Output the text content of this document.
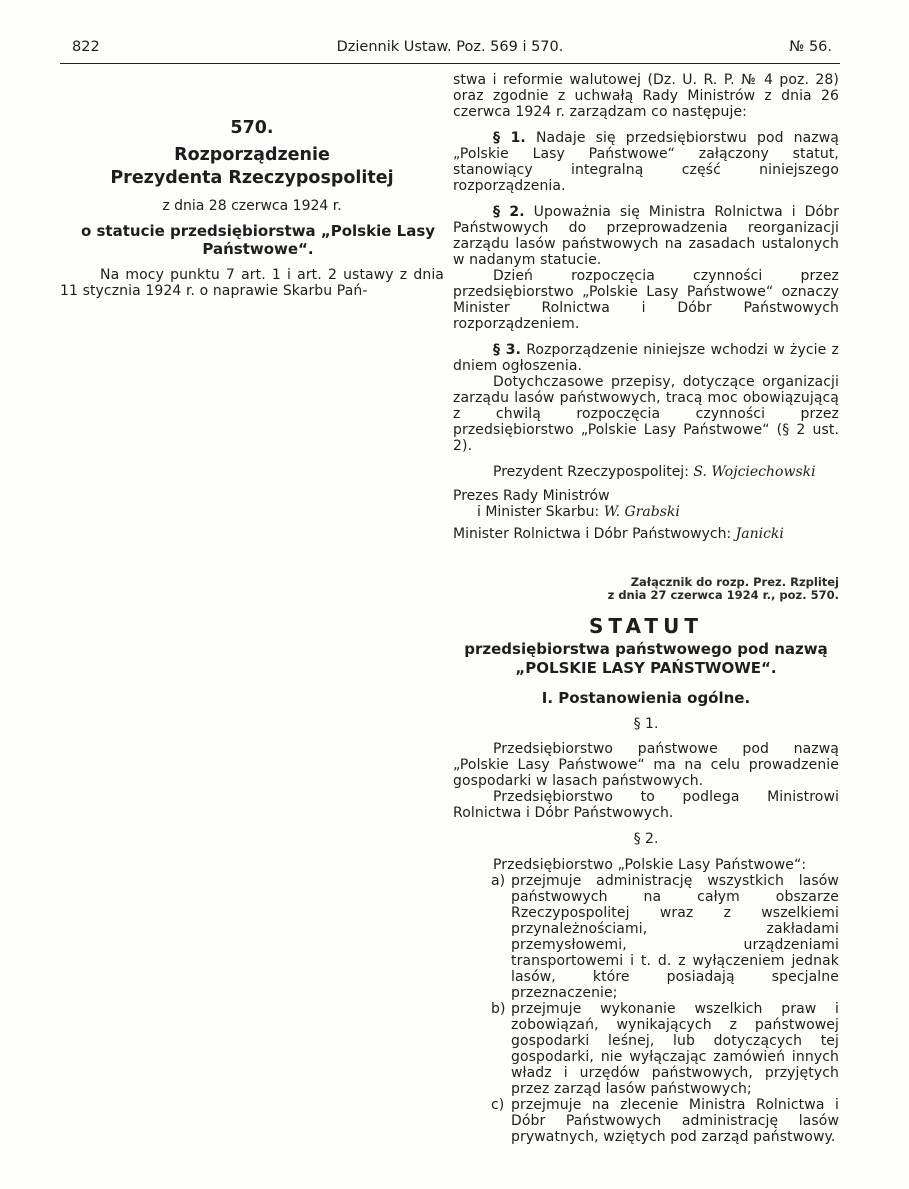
822	Dziennik Ustaw. Poz. 569 i 570.	№ 56.

570.

Rozporządzenie
Prezydenta Rzeczypospolitej

z dnia 28 czerwca 1924 r.

o statucie przedsiębiorstwa „Polskie Lasy Państwowe“.

Na mocy punktu 7 art. 1 i art. 2 ustawy z dnia 11 stycznia 1924 r. o naprawie Skarbu Pań-

stwa i reformie walutowej (Dz. U. R. P. № 4 poz. 28) oraz zgodnie z uchwałą Rady Ministrów z dnia 26 czerwca 1924 r. zarządzam co następuje:

§ 1. Nadaje się przedsiębiorstwu pod nazwą „Polskie Lasy Państwowe“ załączony statut, stanowiący integralną część niniejszego rozporządzenia.

§ 2. Upoważnia się Ministra Rolnictwa i Dóbr Państwowych do przeprowadzenia reorganizacji zarządu lasów państwowych na zasadach ustalonych w nadanym statucie.

Dzień rozpoczęcia czynności przez przedsiębiorstwo „Polskie Lasy Państwowe“ oznaczy Minister Rolnictwa i Dóbr Państwowych rozporządzeniem.

§ 3. Rozporządzenie niniejsze wchodzi w życie z dniem ogłoszenia.

Dotychczasowe przepisy, dotyczące organizacji zarządu lasów państwowych, tracą moc obowiązującą z chwilą rozpoczęcia czynności przez przedsiębiorstwo „Polskie Lasy Państwowe“ (§ 2 ust. 2).

Prezydent Rzeczypospolitej: S. Wojciechowski

Prezes Rady Ministrów
i Minister Skarbu: W. Grabski

Minister Rolnictwa i Dóbr Państwowych: Janicki

Załącznik do rozp. Prez. Rzplitej
z dnia 27 czerwca 1924 r., poz. 570.

STATUT

przedsiębiorstwa państwowego pod nazwą
„POLSKIE LASY PAŃSTWOWE“.

I. Postanowienia ogólne.

§ 1.

Przedsiębiorstwo państwowe pod nazwą „Polskie Lasy Państwowe“ ma na celu prowadzenie gospodarki w lasach państwowych.

Przedsiębiorstwo to podlega Ministrowi Rolnictwa i Dóbr Państwowych.

§ 2.

Przedsiębiorstwo „Polskie Lasy Państwowe“:

a) przejmuje administrację wszystkich lasów państwowych na całym obszarze Rzeczypospolitej wraz z wszelkiemi przynależnościami, zakładami przemysłowemi, urządzeniami transportowemi i t. d. z wyłączeniem jednak lasów, które posiadają specjalne przeznaczenie;
b) przejmuje wykonanie wszelkich praw i zobowiązań, wynikających z państwowej gospodarki leśnej, lub dotyczących tej gospodarki, nie wyłączając zamówień innych władz i urzędów państwowych, przyjętych przez zarząd lasów państwowych;
c) przejmuje na zlecenie Ministra Rolnictwa i Dóbr Państwowych administrację lasów prywatnych, wziętych pod zarząd państwowy.
